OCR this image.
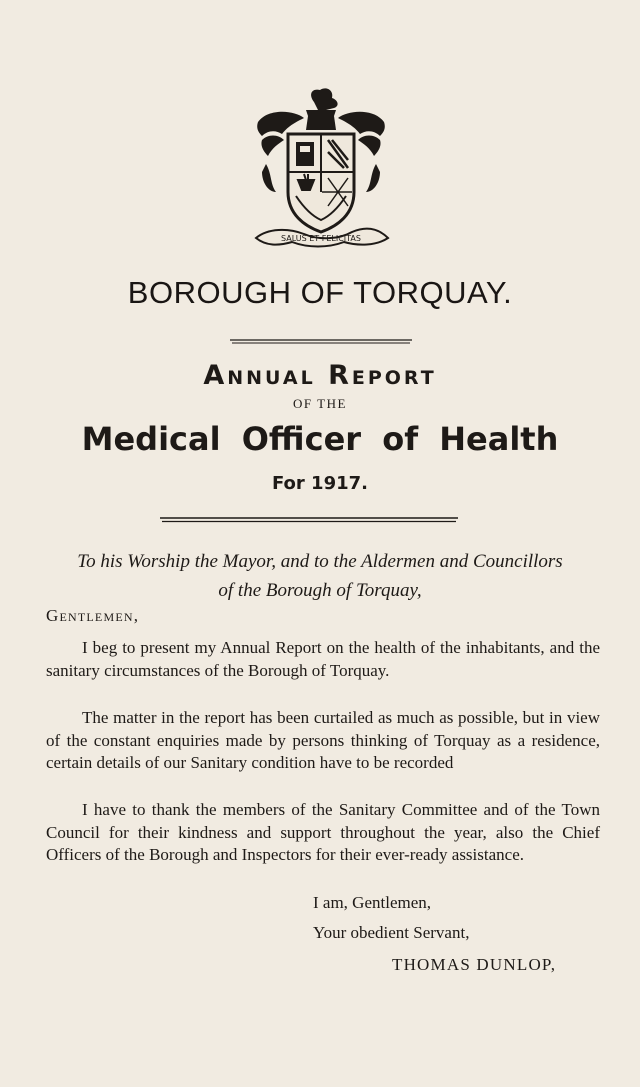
SALUS ET FELICITAS
BOROUGH OF TORQUAY.
Annual Report
OF THE
Medical Officer of Health
For 1917.
To his Worship the Mayor, and to the Aldermen and Councillors
of the Borough of Torquay,
Gentlemen,

I beg to present my Annual Report on the health of the inhabitants, and the sanitary circumstances of the Borough of Torquay.

The matter in the report has been curtailed as much as possible, but in view of the constant enquiries made by persons thinking of Torquay as a residence, certain details of our Sanitary condition have to be recorded

I have to thank the members of the Sanitary Committee and of the Town Council for their kindness and support throughout the year, also the Chief Officers of the Borough and Inspectors for their ever-ready assistance.

I am, Gentlemen,
Your obedient Servant,
THOMAS DUNLOP,
